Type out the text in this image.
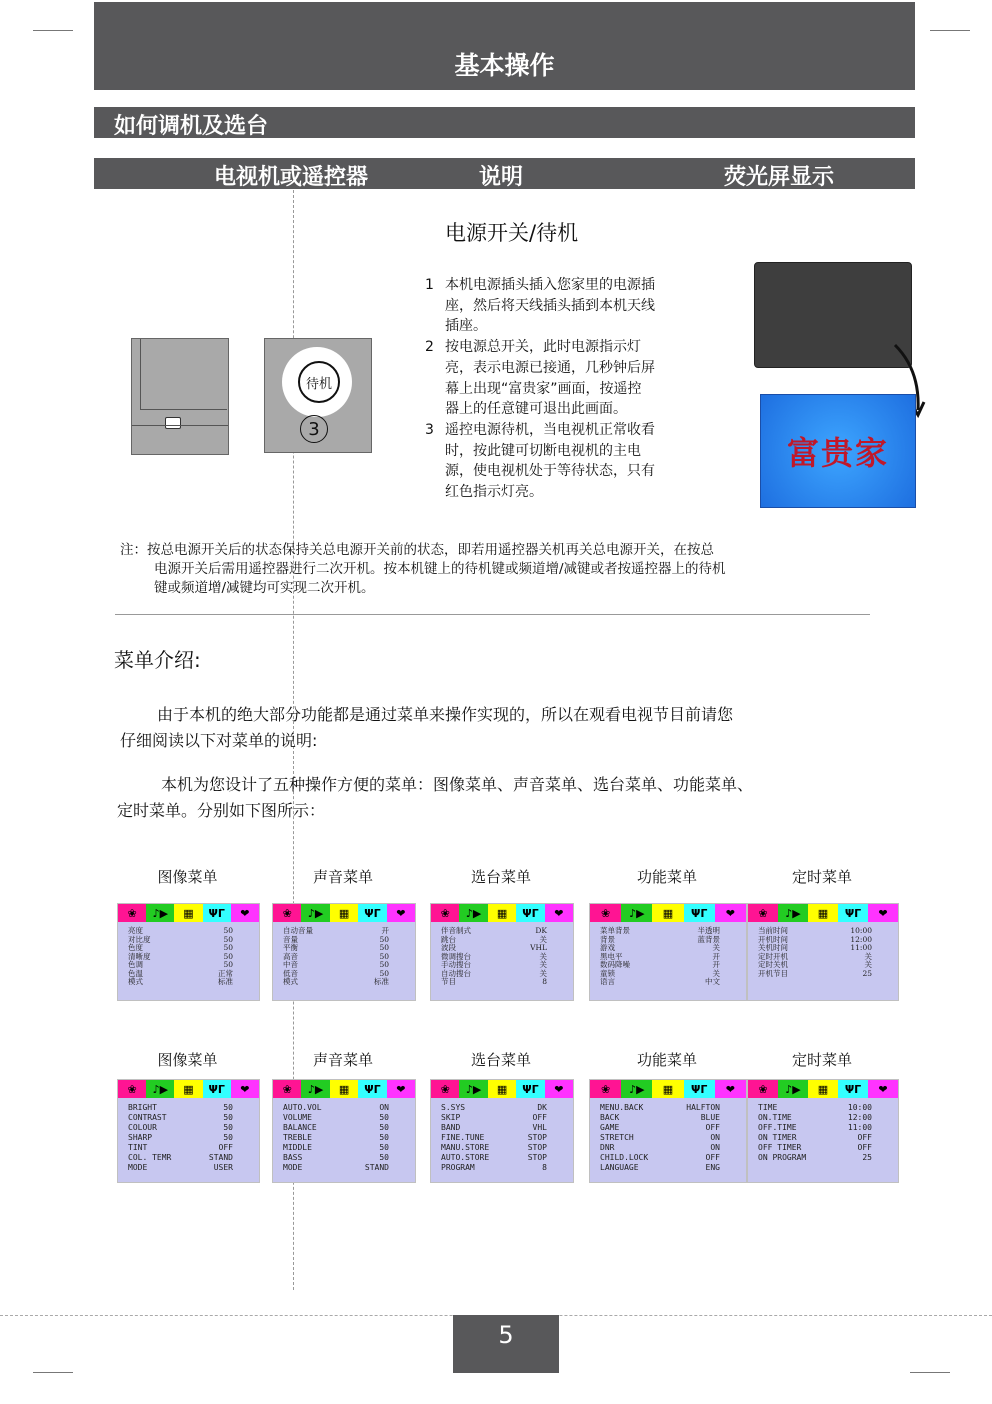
基本操作
如何调机及选台
电视机或遥控器	说明	荧光屏显示
电源开关/待机
待机
3
1 本机电源插头插入您家里的电源插
座，然后将天线插头插到本机天线
插座。
2 按电源总开关，此时电源指示灯
亮，表示电源已接通，几秒钟后屏
幕上出现“富贵家”画面，按遥控
器上的任意键可退出此画面。
3 遥控电源待机，当电视机正常收看
时，按此键可切断电视机的主电
源，使电视机处于等待状态，只有
红色指示灯亮。
富贵家
注：按总电源开关后的状态保持关总电源开关前的状态，即若用遥控器关机再关总电源开关，在按总
电源开关后需用遥控器进行二次开机。按本机键上的待机键或频道增/减键或者按遥控器上的待机
键或频道增/减键均可实现二次开机。
菜单介绍:
由于本机的绝大部分功能都是通过菜单来操作实现的，所以在观看电视节目前请您
仔细阅读以下对菜单的说明:
本机为您设计了五种操作方便的菜单：图像菜单、声音菜单、选台菜单、功能菜单、
定时菜单。分别如下图所示：
图像菜单
❀	♪▶	▦	ΨΓ	❤
亮度	50
对比度	50
色度	50
清晰度	50
色调	50
色温	正常
模式	标准
声音菜单
❀	♪▶	▦	ΨΓ	❤
自动音量	开
音量	50
平衡	50
高音	50
中音	50
低音	50
模式	标准
选台菜单
❀	♪▶	▦	ΨΓ	❤
伴音制式	DK
跳台	关
波段	VHL
微调搜台	关
手动搜台	关
自动搜台	关
节目	8
功能菜单
❀	♪▶	▦	ΨΓ	❤
菜单背景	半透明
背景	蓝背景
游戏	关
黑电平	开
数码降噪	开
童锁	关
语言	中文
定时菜单
❀	♪▶	▦	ΨΓ	❤
当前时间	10:00
开机时间	12:00
关机时间	11:00
定时开机	关
定时关机	关
开机节目	25
图像菜单
❀	♪▶	▦	ΨΓ	❤
BRIGHT	50
CONTRAST	50
COLOUR	50
SHARP	50
TINT	OFF
COL. TEMR	STAND
MODE	USER
声音菜单
❀	♪▶	▦	ΨΓ	❤
AUTO.VOL	ON
VOLUME	50
BALANCE	50
TREBLE	50
MIDDLE	50
BASS	50
MODE	STAND
选台菜单
❀	♪▶	▦	ΨΓ	❤
S.SYS	DK
SKIP	OFF
BAND	VHL
FINE.TUNE	STOP
MANU.STORE	STOP
AUTO.STORE	STOP
PROGRAM	8
功能菜单
❀	♪▶	▦	ΨΓ	❤
MENU.BACK	HALFTON
BACK	BLUE
GAME	OFF
STRETCH	ON
DNR	ON
CHILD.LOCK	OFF
LANGUAGE	ENG
定时菜单
❀	♪▶	▦	ΨΓ	❤
TIME	10:00
ON.TIME	12:00
OFF.TIME	11:00
ON TIMER	OFF
OFF TIMER	OFF
ON PROGRAM	25
5
